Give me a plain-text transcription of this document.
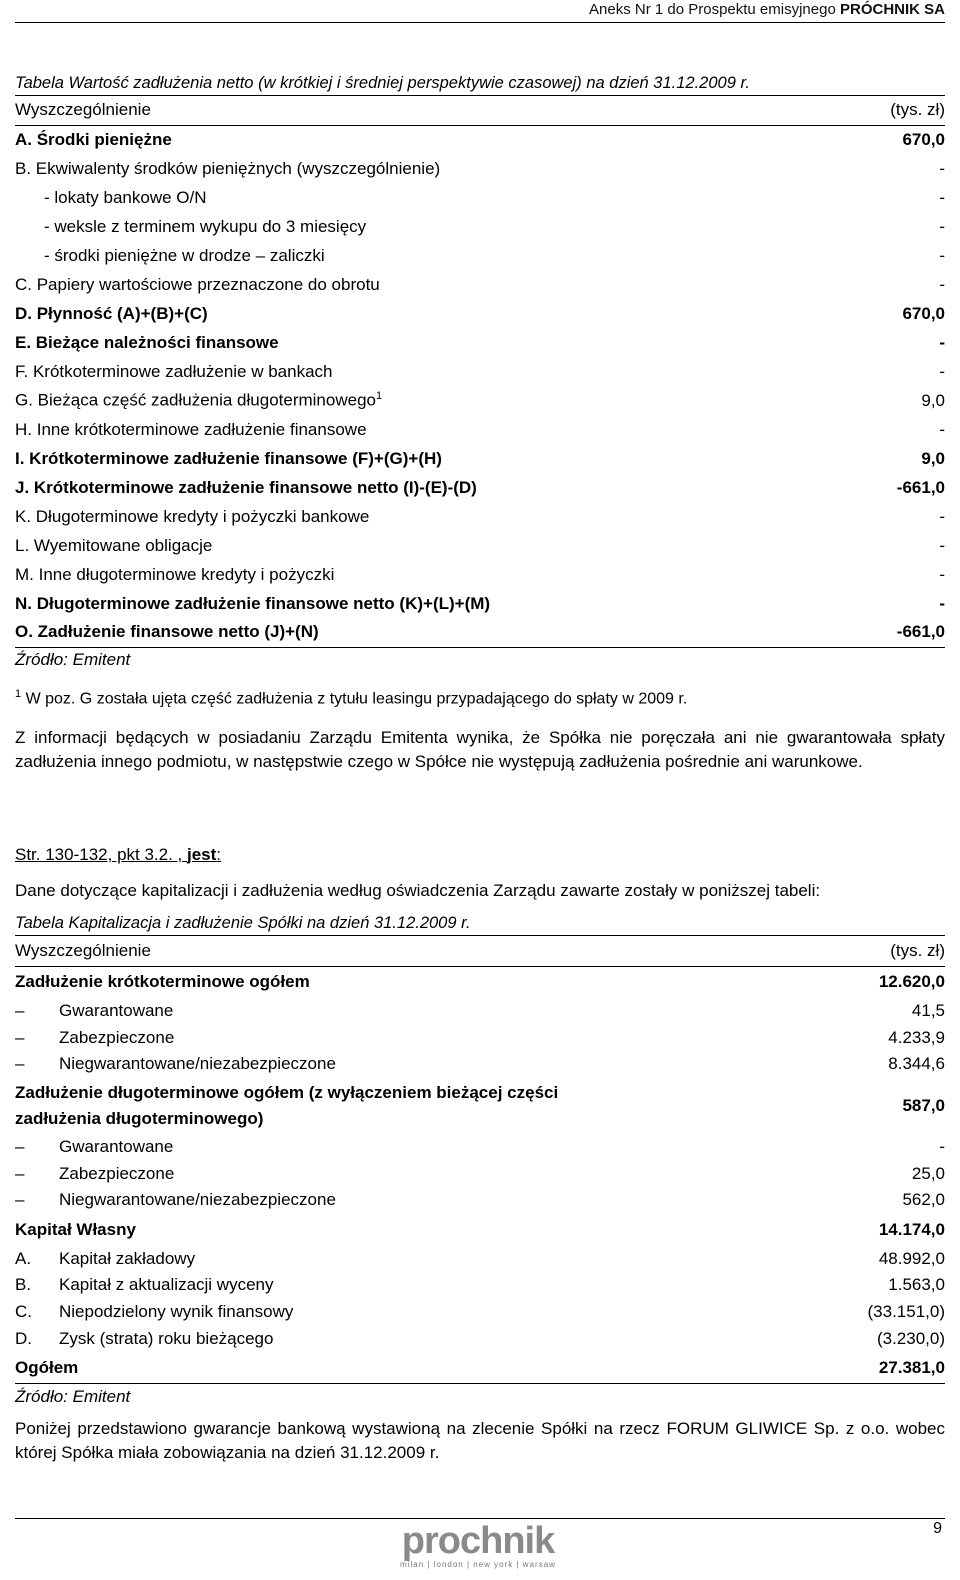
Aneks Nr 1 do Prospektu emisyjnego PRÓCHNIK SA
Tabela Wartość zadłużenia netto (w krótkiej i średniej perspektywie czasowej) na dzień 31.12.2009 r.
Wyszczególnienie	(tys. zł)
A. Środki pieniężne	670,0
B. Ekwiwalenty środków pieniężnych (wyszczególnienie)	-
- lokaty bankowe O/N	-
- weksle z terminem wykupu do 3 miesięcy	-
- środki pieniężne w drodze – zaliczki	-
C. Papiery wartościowe przeznaczone do obrotu	-
D. Płynność (A)+(B)+(C)	670,0
E. Bieżące należności finansowe	-
F. Krótkoterminowe zadłużenie w bankach	-
G. Bieżąca część zadłużenia długoterminowego$^1$	9,0
H. Inne krótkoterminowe zadłużenie finansowe	-
I. Krótkoterminowe zadłużenie finansowe (F)+(G)+(H)	9,0
J. Krótkoterminowe zadłużenie finansowe netto (I)-(E)-(D)	-661,0
K. Długoterminowe kredyty i pożyczki bankowe	-
L. Wyemitowane obligacje	-
M. Inne długoterminowe kredyty i pożyczki	-
N. Długoterminowe zadłużenie finansowe netto (K)+(L)+(M)	-
O. Zadłużenie finansowe netto (J)+(N)	-661,0
Źródło: Emitent	
$^1$ W poz. G została ujęta część zadłużenia z tytułu leasingu przypadającego do spłaty w 2009 r.
Z informacji będących w posiadaniu Zarządu Emitenta wynika, że Spółka nie poręczała ani nie gwarantowała spłaty zadłużenia innego podmiotu, w następstwie czego w Spółce nie występują zadłużenia pośrednie ani warunkowe.
Str. 130-132, pkt 3.2. , jest:
Dane dotyczące kapitalizacji i zadłużenia według oświadczenia Zarządu zawarte zostały w poniższej tabeli:
Tabela Kapitalizacja i zadłużenie Spółki na dzień 31.12.2009 r.
Wyszczególnienie		(tys. zł)
Zadłużenie krótkoterminowe ogółem		12.620,0
–	Gwarantowane	41,5
–	Zabezpieczone	4.233,9
–	Niegwarantowane/niezabezpieczone	8.344,6
Zadłużenie długoterminowe ogółem (z wyłączeniem bieżącej części zadłużenia długoterminowego)		587,0
–	Gwarantowane	-
–	Zabezpieczone	25,0
–	Niegwarantowane/niezabezpieczone	562,0
Kapitał Własny		14.174,0
A.	Kapitał zakładowy	48.992,0
B.	Kapitał z aktualizacji wyceny	1.563,0
C.	Niepodzielony wynik finansowy	(33.151,0)
D.	Zysk (strata) roku bieżącego	(3.230,0)
Ogółem		27.381,0
Źródło: Emitent		
Poniżej przedstawiono gwarancje bankową wystawioną na zlecenie Spółki na rzecz FORUM GLIWICE Sp. z o.o. wobec której Spółka miała zobowiązania na dzień 31.12.2009 r.
prochnik
milan | london | new york | warsaw
9
